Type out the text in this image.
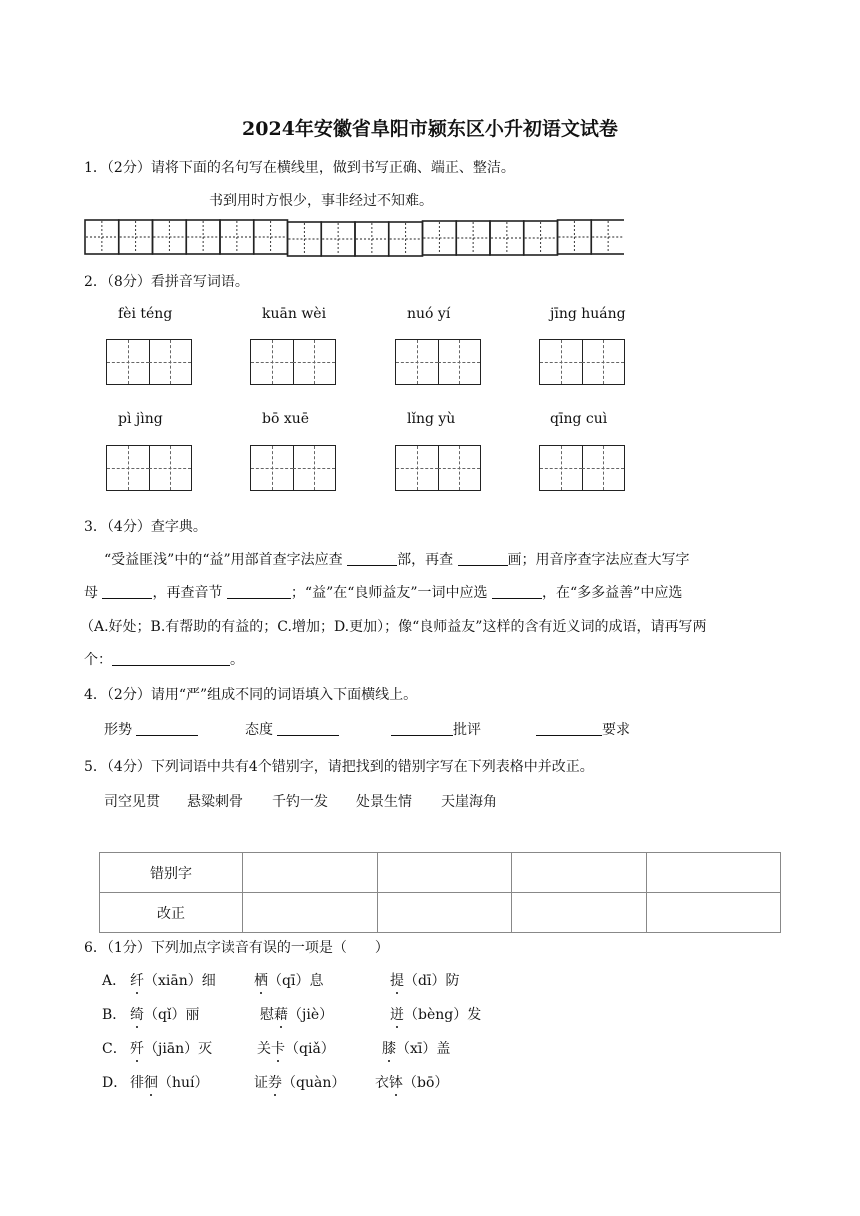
2024年安徽省阜阳市颍东区小升初语文试卷
1．（2分）请将下面的名句写在横线里，做到书写正确、端正、整洁。
书到用时方恨少，事非经过不知难。
2．（8分）看拼音写词语。
fèi téng	kuān wèi	nuó yí	jīng huáng
pì jìng	bō xuē	lǐng yù	qīng cuì
3．（4分）查字典。
“受益匪浅”中的“益”用部首查字法应查	部，再查	画；用音序查字法应查大写字
母	，再查音节	；“益”在“良师益友”一词中应选	，在“多多益善”中应选
（A.好处；B.有帮助的有益的；C.增加；D.更加）；像“良师益友”这样的含有近义词的成语，请再写两
个：	。
4．（2分）请用“严”组成不同的词语填入下面横线上。
形势	态度	批评	要求
5．（4分）下列词语中共有4个错别字，请把找到的错别字写在下列表格中并改正。
司空见贯 悬粱刺骨 千钓一发 处景生情 天崖海角
错别字				
改正				
6．（1分）下列加点字读音有误的一项是（　　）
A． 纤（xiān）细	栖（qī）息	提（dī）防
B． 绮（qǐ）丽	慰藉（jiè）	迸（bèng）发
C． 歼（jiān）灭	关卡（qiǎ）	膝（xī）盖
D． 徘徊（huí）	证券（quàn） 衣钵（bō）
